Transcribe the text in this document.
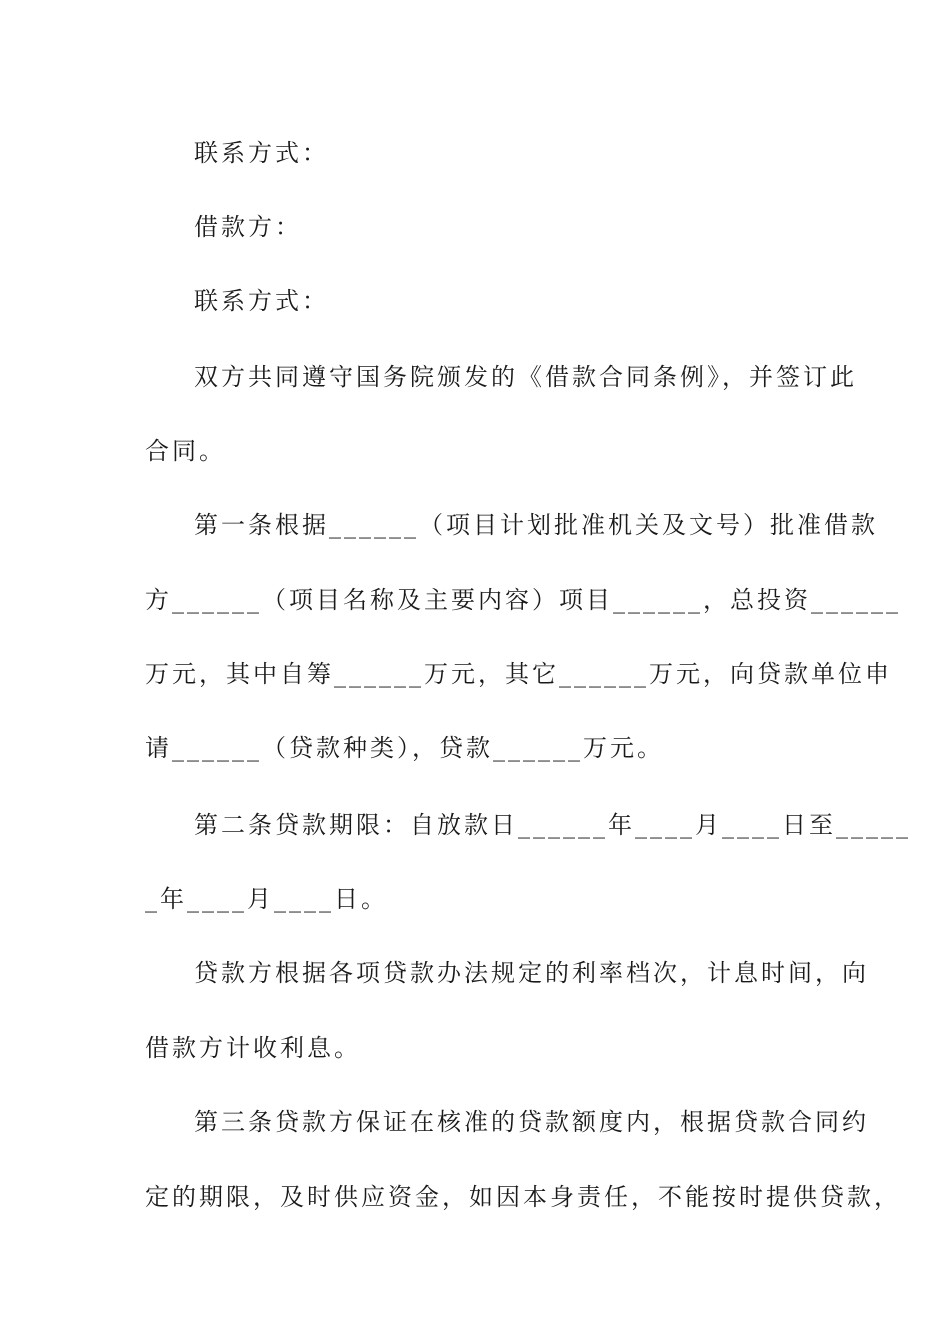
联系方式：
借款方：
联系方式：
双方共同遵守国务院颁发的《借款合同条例》，并签订此
合同。
第一条根据______（项目计划批准机关及文号）批准借款
方______（项目名称及主要内容）项目______，总投资______
万元，其中自筹______万元，其它______万元，向贷款单位申
请______（贷款种类），贷款______万元。
第二条贷款期限：自放款日______年____月____日至_____
_年____月____日。
贷款方根据各项贷款办法规定的利率档次，计息时间，向
借款方计收利息。
第三条贷款方保证在核准的贷款额度内，根据贷款合同约
定的期限，及时供应资金，如因本身责任，不能按时提供贷款，
